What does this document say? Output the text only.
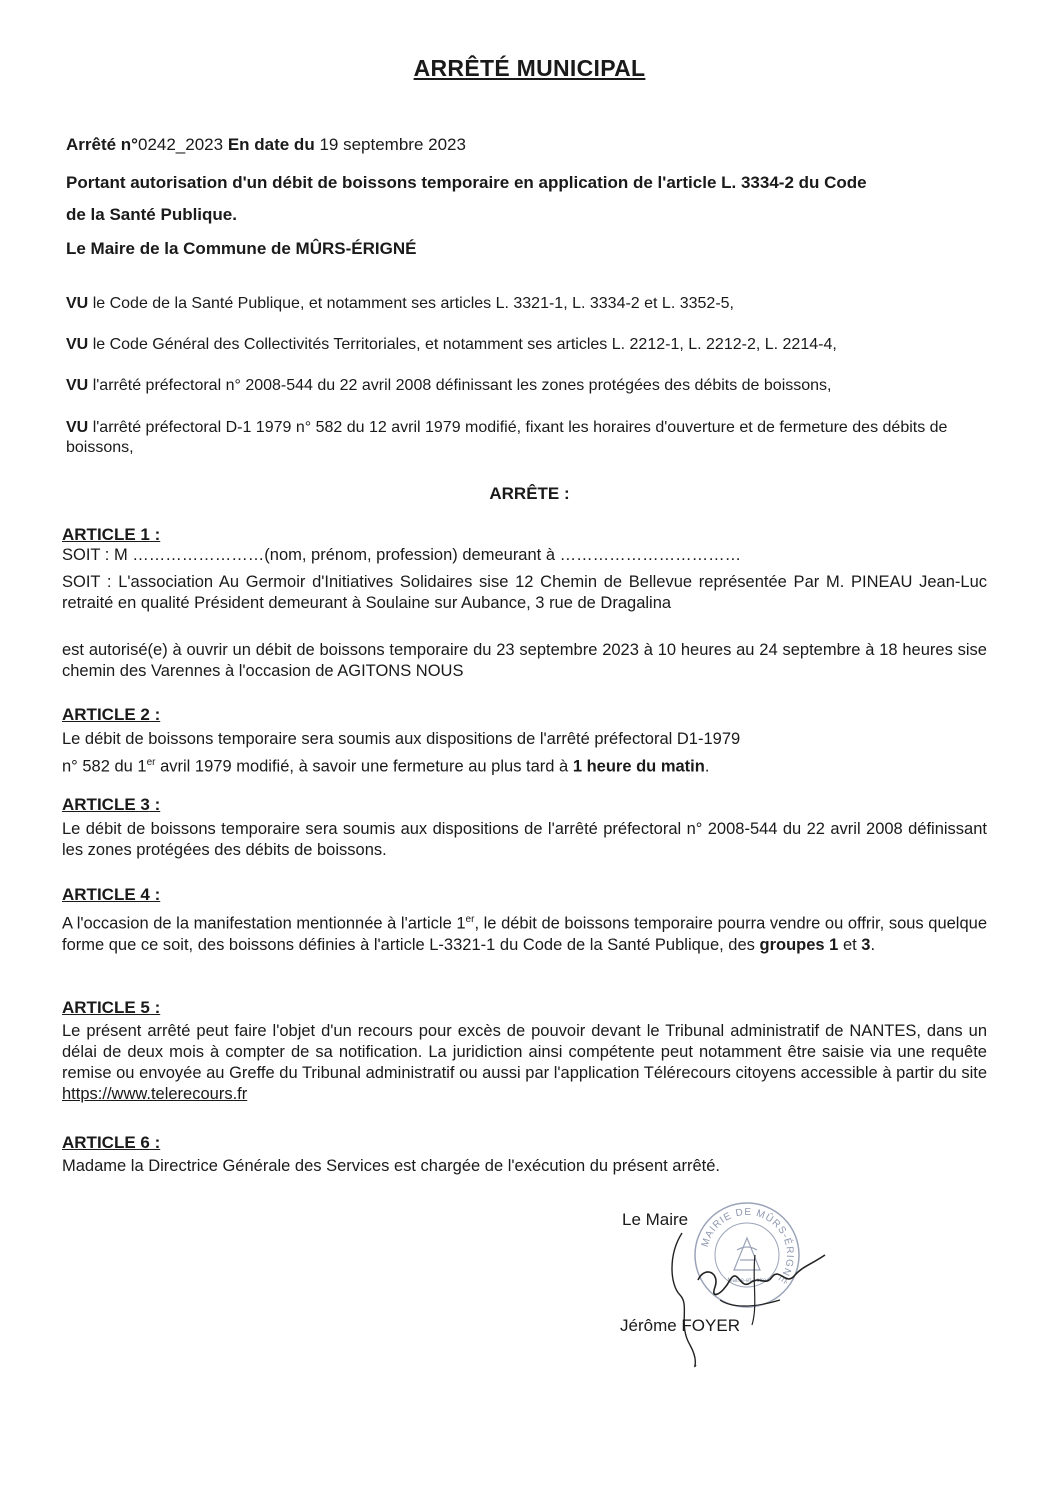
ARRÊTÉ MUNICIPAL
Arrêté n°0242_2023 En date du 19 septembre 2023
Portant autorisation d'un débit de boissons temporaire en application de l'article L. 3334-2 du Code
de la Santé Publique.
Le Maire de la Commune de MÛRS-ÉRIGNÉ
VU le Code de la Santé Publique, et notamment ses articles L. 3321-1, L. 3334-2 et L. 3352-5,
VU le Code Général des Collectivités Territoriales, et notamment ses articles L. 2212-1, L. 2212-2, L. 2214-4,
VU l'arrêté préfectoral n° 2008-544 du 22 avril 2008 définissant les zones protégées des débits de boissons,
VU l'arrêté préfectoral D-1 1979 n° 582 du 12 avril 1979 modifié, fixant les horaires d'ouverture et de fermeture des débits de boissons,
ARRÊTE :
ARTICLE 1 :
SOIT : M ……………………(nom, prénom, profession) demeurant à ……………………………
SOIT : L'association Au Germoir d'Initiatives Solidaires sise 12 Chemin de Bellevue représentée Par M. PINEAU Jean-Luc retraité en qualité Président demeurant à Soulaine sur Aubance, 3 rue de Dragalina
est autorisé(e) à ouvrir un débit de boissons temporaire du 23 septembre 2023 à 10 heures au 24 septembre à 18 heures sise chemin des Varennes à l'occasion de AGITONS NOUS
ARTICLE 2 :
Le débit de boissons temporaire sera soumis aux dispositions de l'arrêté préfectoral D1-1979
n° 582 du 1er avril 1979 modifié, à savoir une fermeture au plus tard à 1 heure du matin.
ARTICLE 3 :
Le débit de boissons temporaire sera soumis aux dispositions de l'arrêté préfectoral n° 2008-544 du 22 avril 2008 définissant les zones protégées des débits de boissons.
ARTICLE 4 :
A l'occasion de la manifestation mentionnée à l'article 1er, le débit de boissons temporaire pourra vendre ou offrir, sous quelque forme que ce soit, des boissons définies à l'article L-3321-1 du Code de la Santé Publique, des groupes 1 et 3.
ARTICLE 5 :
Le présent arrêté peut faire l'objet d'un recours pour excès de pouvoir devant le Tribunal administratif de NANTES, dans un délai de deux mois à compter de sa notification. La juridiction ainsi compétente peut notamment être saisie via une requête remise ou envoyée au Greffe du Tribunal administratif ou aussi par l'application Télérecours citoyens accessible à partir du site https://www.telerecours.fr
ARTICLE 6 :
Madame la Directrice Générale des Services est chargée de l'exécution du présent arrêté.
Le Maire
MAIRIE DE MÛRS-ÉRIGNÉ
Maine-et-Loire
Jérôme FOYER
